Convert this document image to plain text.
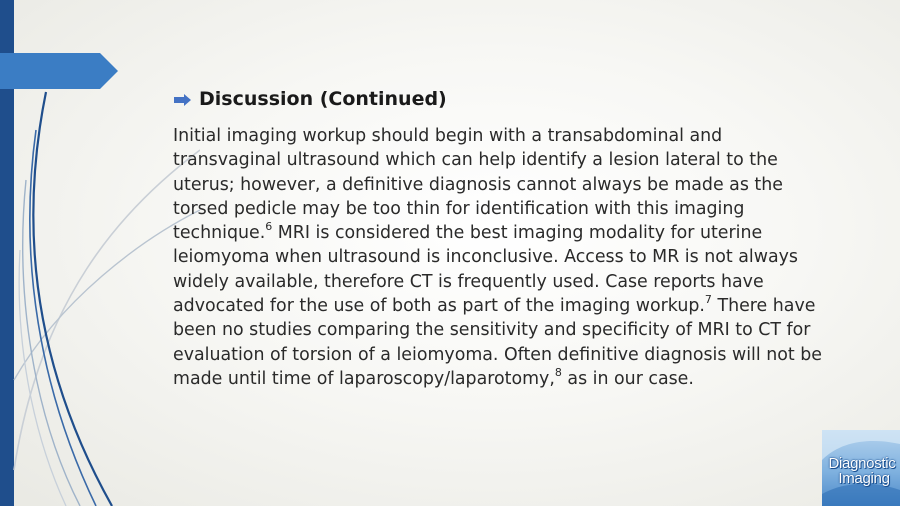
Discussion (Continued)

Initial imaging workup should begin with a transabdominal and transvaginal ultrasound which can help identify a lesion lateral to the uterus; however, a definitive diagnosis cannot always be made as the torsed pedicle may be too thin for identification with this imaging technique.$^6$ MRI is considered the best imaging modality for uterine leiomyoma when ultrasound is inconclusive. Access to MR is not always widely available, therefore CT is frequently used. Case reports have advocated for the use of both as part of the imaging workup.$^7$ There have been no studies comparing the sensitivity and specificity of MRI to CT for evaluation of torsion of a leiomyoma. Often definitive diagnosis will not be made until time of laparoscopy/laparotomy,$^8$ as in our case.

Diagnostic
Imaging
